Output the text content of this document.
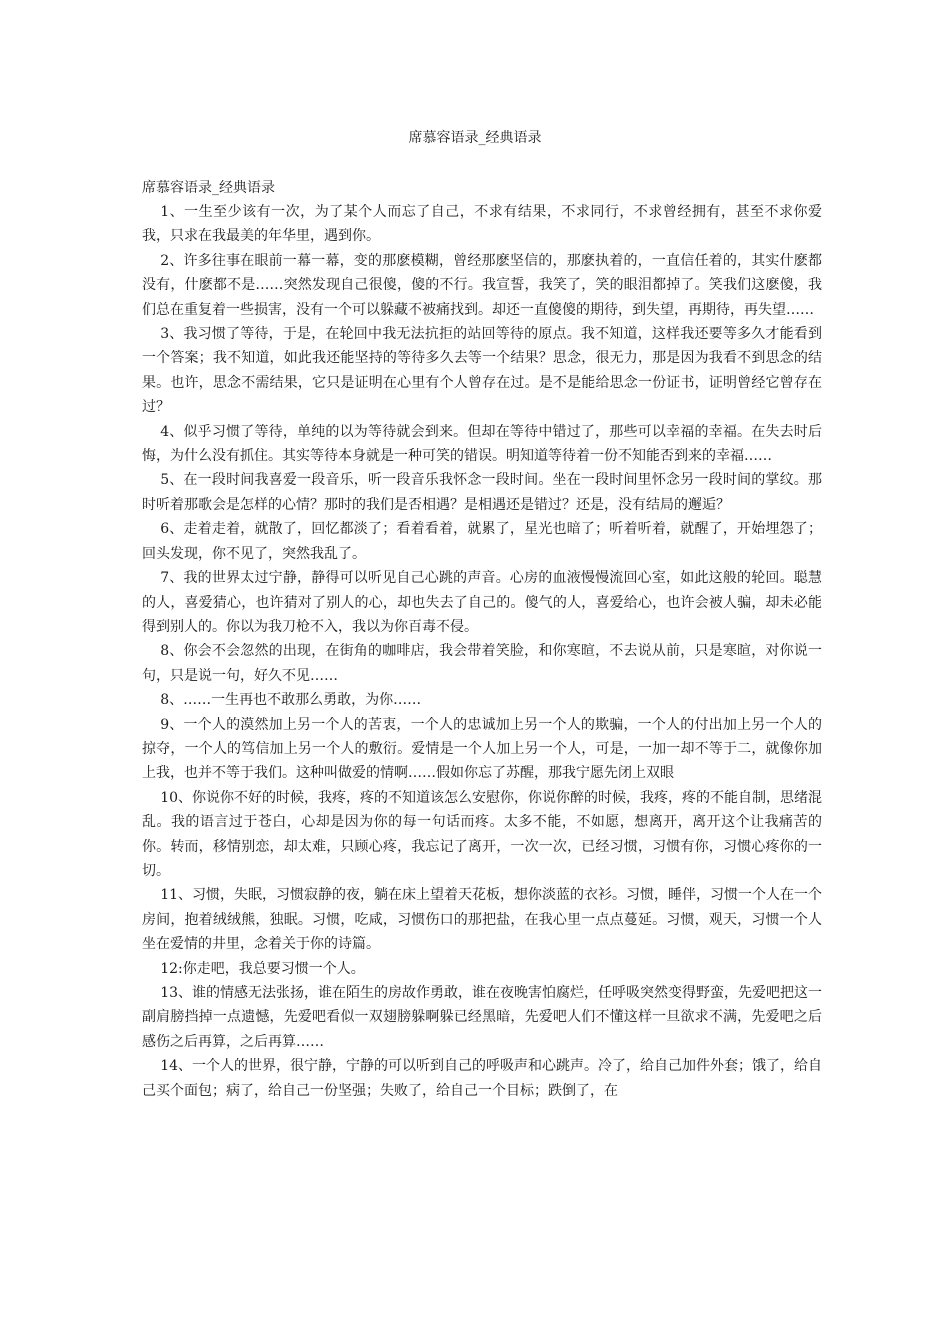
席慕容语录_经典语录

席慕容语录_经典语录

1、一生至少该有一次，为了某个人而忘了自己，不求有结果，不求同行，不求曾经拥有，甚至不求你爱我，只求在我最美的年华里，遇到你。

2、许多往事在眼前一幕一幕，变的那麽模糊，曾经那麽坚信的，那麽执着的，一直信任着的，其实什麽都没有，什麽都不是……突然发现自己很傻，傻的不行。我宣誓，我笑了，笑的眼泪都掉了。笑我们这麽傻，我们总在重复着一些损害，没有一个可以躲藏不被痛找到。却还一直傻傻的期待，到失望，再期待，再失望……

3、我习惯了等待，于是，在轮回中我无法抗拒的站回等待的原点。我不知道，这样我还要等多久才能看到一个答案；我不知道，如此我还能坚持的等待多久去等一个结果？思念，很无力，那是因为我看不到思念的结果。也许，思念不需结果，它只是证明在心里有个人曾存在过。是不是能给思念一份证书，证明曾经它曾存在过？

4、似乎习惯了等待，单纯的以为等待就会到来。但却在等待中错过了，那些可以幸福的幸福。在失去时后悔，为什么没有抓住。其实等待本身就是一种可笑的错误。明知道等待着一份不知能否到来的幸福……

5、在一段时间我喜爱一段音乐，听一段音乐我怀念一段时间。坐在一段时间里怀念另一段时间的掌纹。那时听着那歌会是怎样的心情？那时的我们是否相遇？是相遇还是错过？还是，没有结局的邂逅？

6、走着走着，就散了，回忆都淡了；看着看着，就累了，星光也暗了；听着听着，就醒了，开始埋怨了；回头发现，你不见了，突然我乱了。

7、我的世界太过宁静，静得可以听见自己心跳的声音。心房的血液慢慢流回心室，如此这般的轮回。聪慧的人，喜爱猜心，也许猜对了别人的心，却也失去了自己的。傻气的人，喜爱给心，也许会被人骗，却未必能得到别人的。你以为我刀枪不入，我以为你百毒不侵。

8、你会不会忽然的出现，在街角的咖啡店，我会带着笑脸，和你寒暄，不去说从前，只是寒暄，对你说一句，只是说一句，好久不见……

8、……一生再也不敢那么勇敢，为你……

9、一个人的漠然加上另一个人的苦衷，一个人的忠诚加上另一个人的欺骗，一个人的付出加上另一个人的掠夺，一个人的笃信加上另一个人的敷衍。爱情是一个人加上另一个人，可是，一加一却不等于二，就像你加上我，也并不等于我们。这种叫做爱的情啊……假如你忘了苏醒，那我宁愿先闭上双眼

10、你说你不好的时候，我疼，疼的不知道该怎么安慰你，你说你醉的时候，我疼，疼的不能自制，思绪混乱。我的语言过于苍白，心却是因为你的每一句话而疼。太多不能，不如愿，想离开，离开这个让我痛苦的你。转而，移情别恋，却太难，只顾心疼，我忘记了离开，一次一次，已经习惯，习惯有你，习惯心疼你的一切。

11、习惯，失眠，习惯寂静的夜，躺在床上望着天花板，想你淡蓝的衣衫。习惯，睡伴，习惯一个人在一个房间，抱着绒绒熊，独眠。习惯，吃咸，习惯伤口的那把盐，在我心里一点点蔓延。习惯，观天，习惯一个人坐在爱情的井里，念着关于你的诗篇。

12:你走吧，我总要习惯一个人。

13、谁的情感无法张扬，谁在陌生的房故作勇敢，谁在夜晚害怕腐烂，任呼吸突然变得野蛮，先爱吧把这一副肩膀挡掉一点遗憾，先爱吧看似一双翅膀躲啊躲已经黑暗，先爱吧人们不懂这样一旦欲求不满，先爱吧之后感伤之后再算，之后再算……

14、一个人的世界，很宁静，宁静的可以听到自己的呼吸声和心跳声。冷了，给自己加件外套；饿了，给自己买个面包；病了，给自己一份坚强；失败了，给自己一个目标；跌倒了，在
